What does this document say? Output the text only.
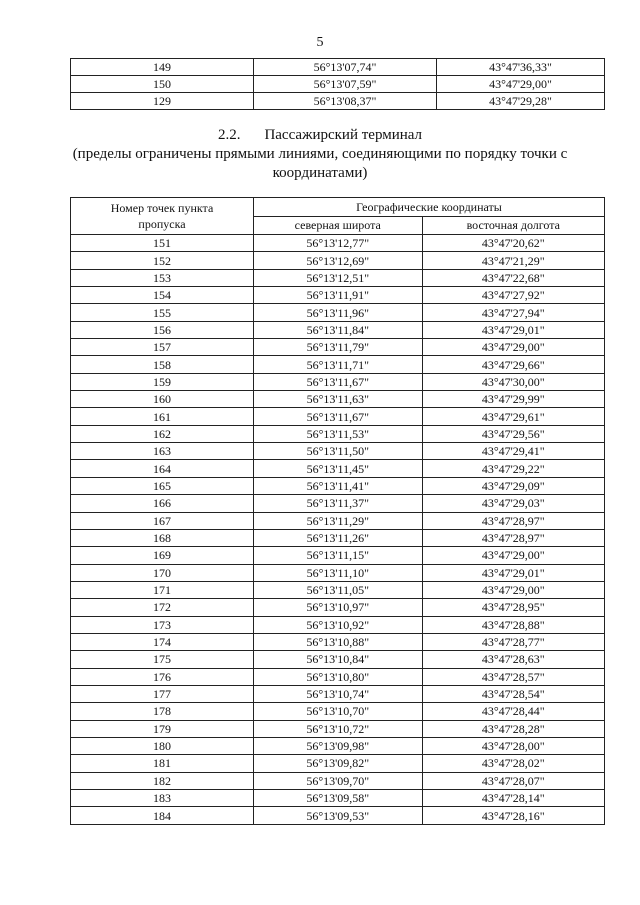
5
149	56°13'07,74"	43°47'36,33"
150	56°13'07,59"	43°47'29,00"
129	56°13'08,37"	43°47'29,28"
2.2. Пассажирский терминал
(пределы ограничены прямыми линиями, соединяющими по порядку точки с
координатами)
Номер точек пункта
пропуска	Географические координаты	
	северная широта	восточная долгота
151	56°13'12,77"	43°47'20,62"
152	56°13'12,69"	43°47'21,29"
153	56°13'12,51"	43°47'22,68"
154	56°13'11,91"	43°47'27,92"
155	56°13'11,96"	43°47'27,94"
156	56°13'11,84"	43°47'29,01"
157	56°13'11,79"	43°47'29,00"
158	56°13'11,71"	43°47'29,66"
159	56°13'11,67"	43°47'30,00"
160	56°13'11,63"	43°47'29,99"
161	56°13'11,67"	43°47'29,61"
162	56°13'11,53"	43°47'29,56"
163	56°13'11,50"	43°47'29,41"
164	56°13'11,45"	43°47'29,22"
165	56°13'11,41"	43°47'29,09"
166	56°13'11,37"	43°47'29,03"
167	56°13'11,29"	43°47'28,97"
168	56°13'11,26"	43°47'28,97"
169	56°13'11,15"	43°47'29,00"
170	56°13'11,10"	43°47'29,01"
171	56°13'11,05"	43°47'29,00"
172	56°13'10,97"	43°47'28,95"
173	56°13'10,92"	43°47'28,88"
174	56°13'10,88"	43°47'28,77"
175	56°13'10,84"	43°47'28,63"
176	56°13'10,80"	43°47'28,57"
177	56°13'10,74"	43°47'28,54"
178	56°13'10,70"	43°47'28,44"
179	56°13'10,72"	43°47'28,28"
180	56°13'09,98"	43°47'28,00"
181	56°13'09,82"	43°47'28,02"
182	56°13'09,70"	43°47'28,07"
183	56°13'09,58"	43°47'28,14"
184	56°13'09,53"	43°47'28,16"
